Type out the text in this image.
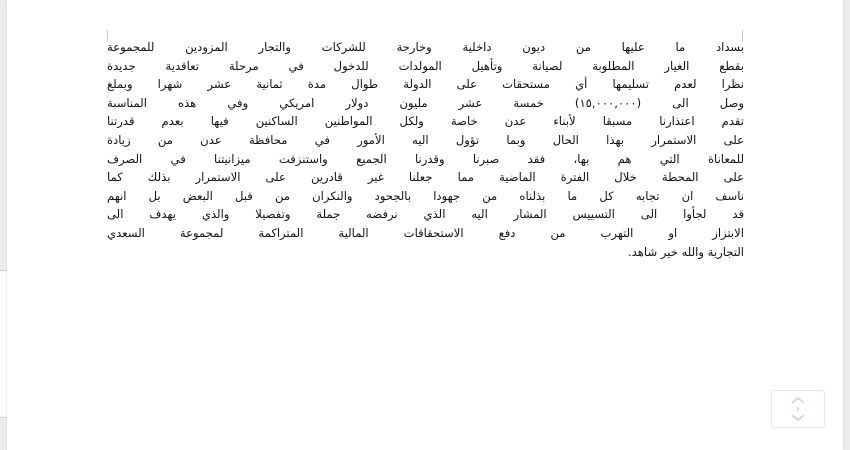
بسداد ما عليها من ديون داخلية وخارجة للشركات والتجار المزودين للمجموعة
بقطع الغيار المطلوبة لصيانة وتأهيل المولدات للدخول في مرحلة تعاقدية جديدة
نظرا لعدم تسليمها أي مستحقات على الدولة طوال مدة ثمانية عشر شهرا وبملغ
وصل الى (١٥,٠٠٠,٠٠٠) خمسة عشر مليون دولار امريكي وفي هذه المناسبة
تقدم اعتذارنا مسبقا لأبناء عدن خاصة ولكل المواطنين الساكنين فيها بعدم قدرتنا
على الاستمرار بهذا الحال وبما تؤول اليه الأمور في محافظة عدن من زيادة
للمعاناة التي هم بها، فقد صبرنا وقدرنا الجميع واستنزفت ميزانيتنا في الصرف
على المحطة خلال الفترة الماضية مما جعلنا غير قادرين على الاستمرار بذلك كما
ناسف ان تجابه كل ما بذلناه من جهودا بالجحود والنكران من قبل البعض بل انهم
قد لجأوا الى التسييس المشار اليه الذي نرفضه جملة وتفصيلا والذي يهدف الى
الابتزاز او التهرب من دفع الاستحقاقات المالية المتراكمة لمجموعة السعدي
التجارية والله خير شاهد.
